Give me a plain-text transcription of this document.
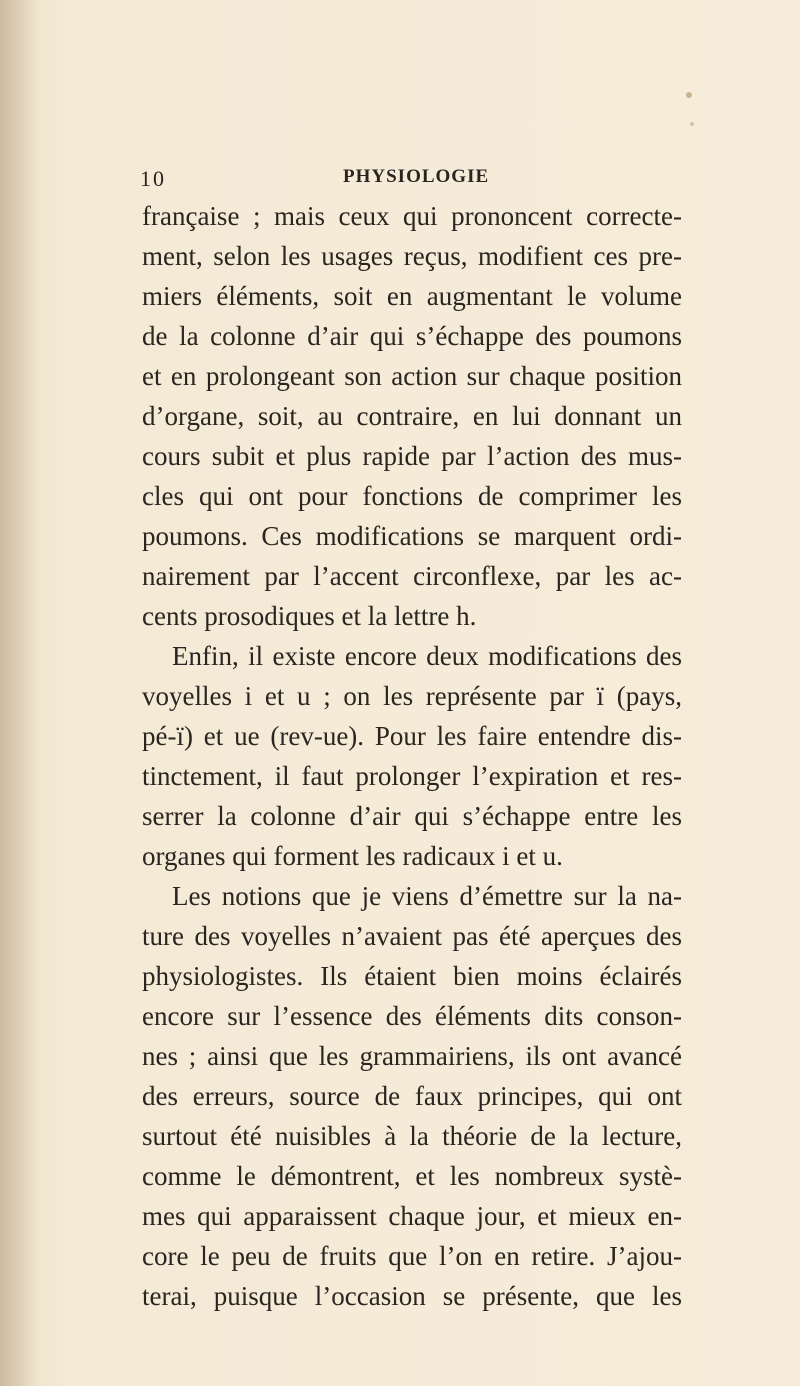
10	PHYSIOLOGIE
française ; mais ceux qui prononcent correcte-
ment, selon les usages reçus, modifient ces pre-
miers éléments, soit en augmentant le volume
de la colonne d’air qui s’échappe des poumons
et en prolongeant son action sur chaque position
d’organe, soit, au contraire, en lui donnant un
cours subit et plus rapide par l’action des mus-
cles qui ont pour fonctions de comprimer les
poumons. Ces modifications se marquent ordi-
nairement par l’accent circonflexe, par les ac-
cents prosodiques et la lettre h.
Enfin, il existe encore deux modifications des
voyelles i et u ; on les représente par ï (pays,
pé-ï) et ue (rev-ue). Pour les faire entendre dis-
tinctement, il faut prolonger l’expiration et res-
serrer la colonne d’air qui s’échappe entre les
organes qui forment les radicaux i et u.
Les notions que je viens d’émettre sur la na-
ture des voyelles n’avaient pas été aperçues des
physiologistes. Ils étaient bien moins éclairés
encore sur l’essence des éléments dits conson-
nes ; ainsi que les grammairiens, ils ont avancé
des erreurs, source de faux principes, qui ont
surtout été nuisibles à la théorie de la lecture,
comme le démontrent, et les nombreux systè-
mes qui apparaissent chaque jour, et mieux en-
core le peu de fruits que l’on en retire. J’ajou-
terai, puisque l’occasion se présente, que les
